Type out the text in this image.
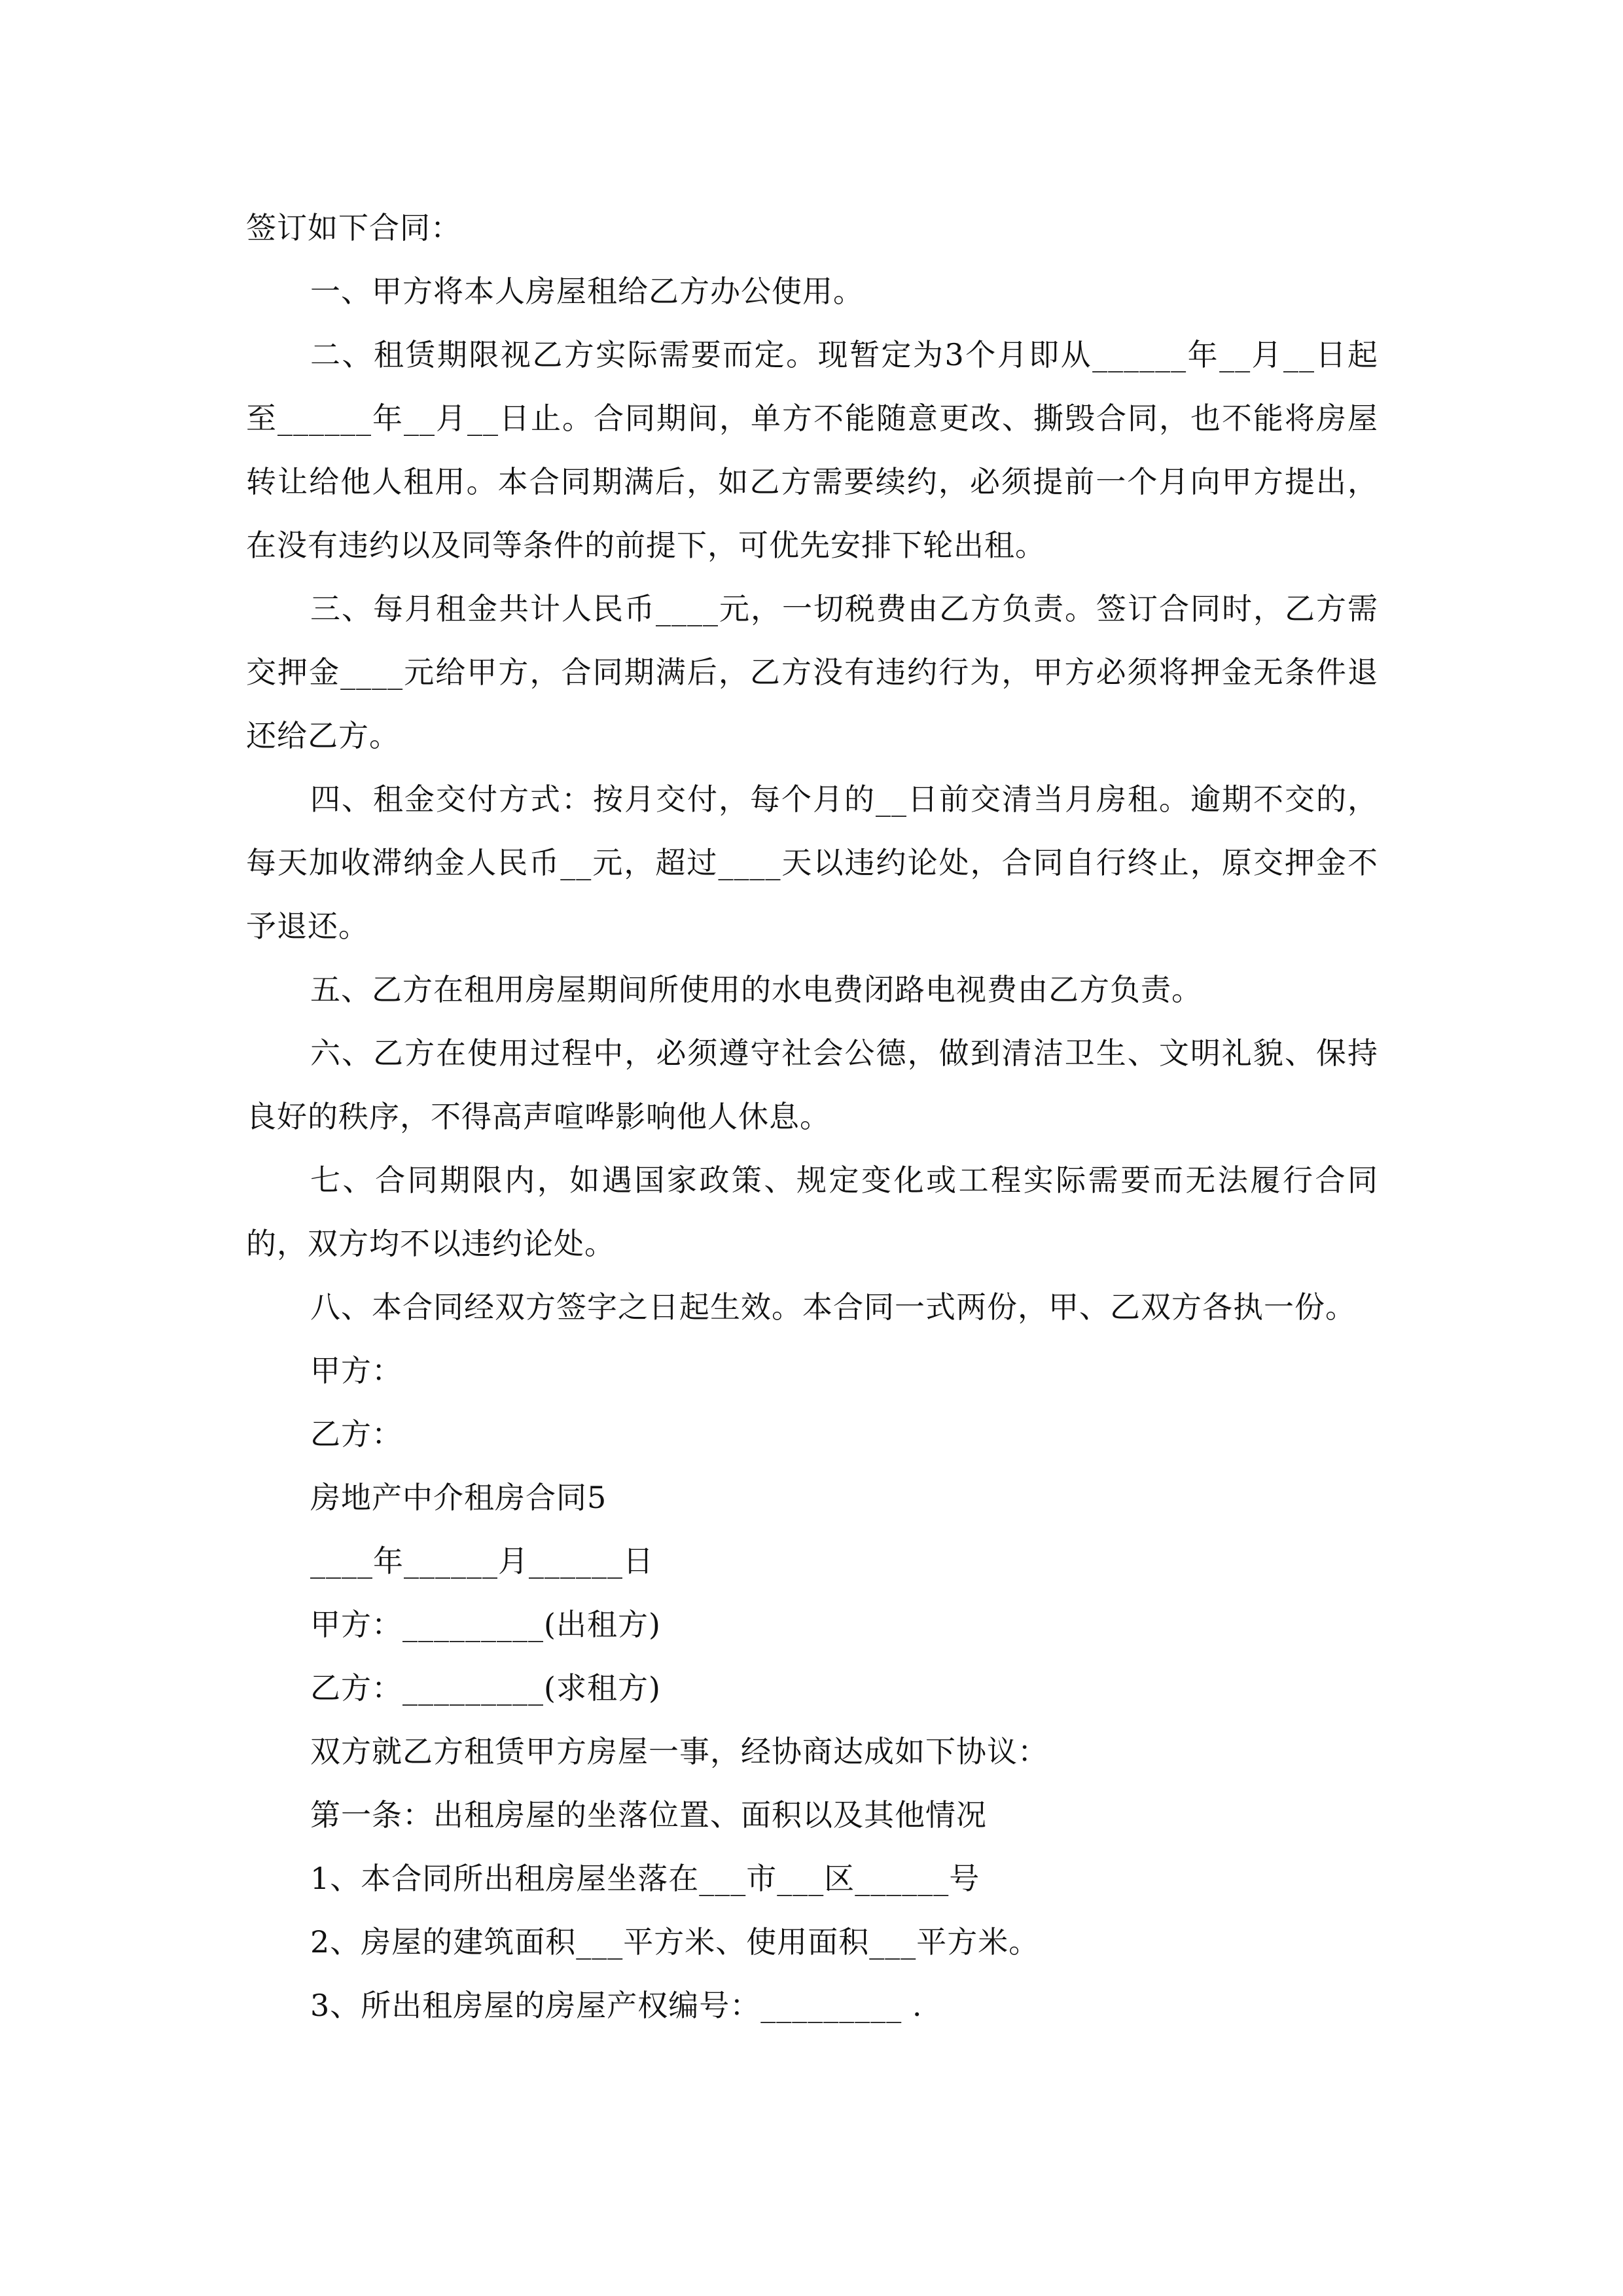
签订如下合同：

一、甲方将本人房屋租给乙方办公使用。

二、租赁期限视乙方实际需要而定。现暂定为3个月即从______年__月__日起至______年__月__日止。合同期间，单方不能随意更改、撕毁合同，也不能将房屋转让给他人租用。本合同期满后，如乙方需要续约，必须提前一个月向甲方提出，在没有违约以及同等条件的前提下，可优先安排下轮出租。

三、每月租金共计人民币____元，一切税费由乙方负责。签订合同时，乙方需交押金____元给甲方，合同期满后，乙方没有违约行为，甲方必须将押金无条件退还给乙方。

四、租金交付方式：按月交付，每个月的__日前交清当月房租。逾期不交的，每天加收滞纳金人民币__元，超过____天以违约论处，合同自行终止，原交押金不予退还。

五、乙方在租用房屋期间所使用的水电费闭路电视费由乙方负责。

六、乙方在使用过程中，必须遵守社会公德，做到清洁卫生、文明礼貌、保持良好的秩序，不得高声喧哗影响他人休息。

七、合同期限内，如遇国家政策、规定变化或工程实际需要而无法履行合同的，双方均不以违约论处。

八、本合同经双方签字之日起生效。本合同一式两份，甲、乙双方各执一份。

甲方：

乙方：

房地产中介租房合同5

____年______月______日

甲方：_________(出租方)

乙方：_________(求租方)

双方就乙方租赁甲方房屋一事，经协商达成如下协议：

第一条：出租房屋的坐落位置、面积以及其他情况

1、本合同所出租房屋坐落在___市___区______号

2、房屋的建筑面积___平方米、使用面积___平方米。

3、所出租房屋的房屋产权编号：_________ .
